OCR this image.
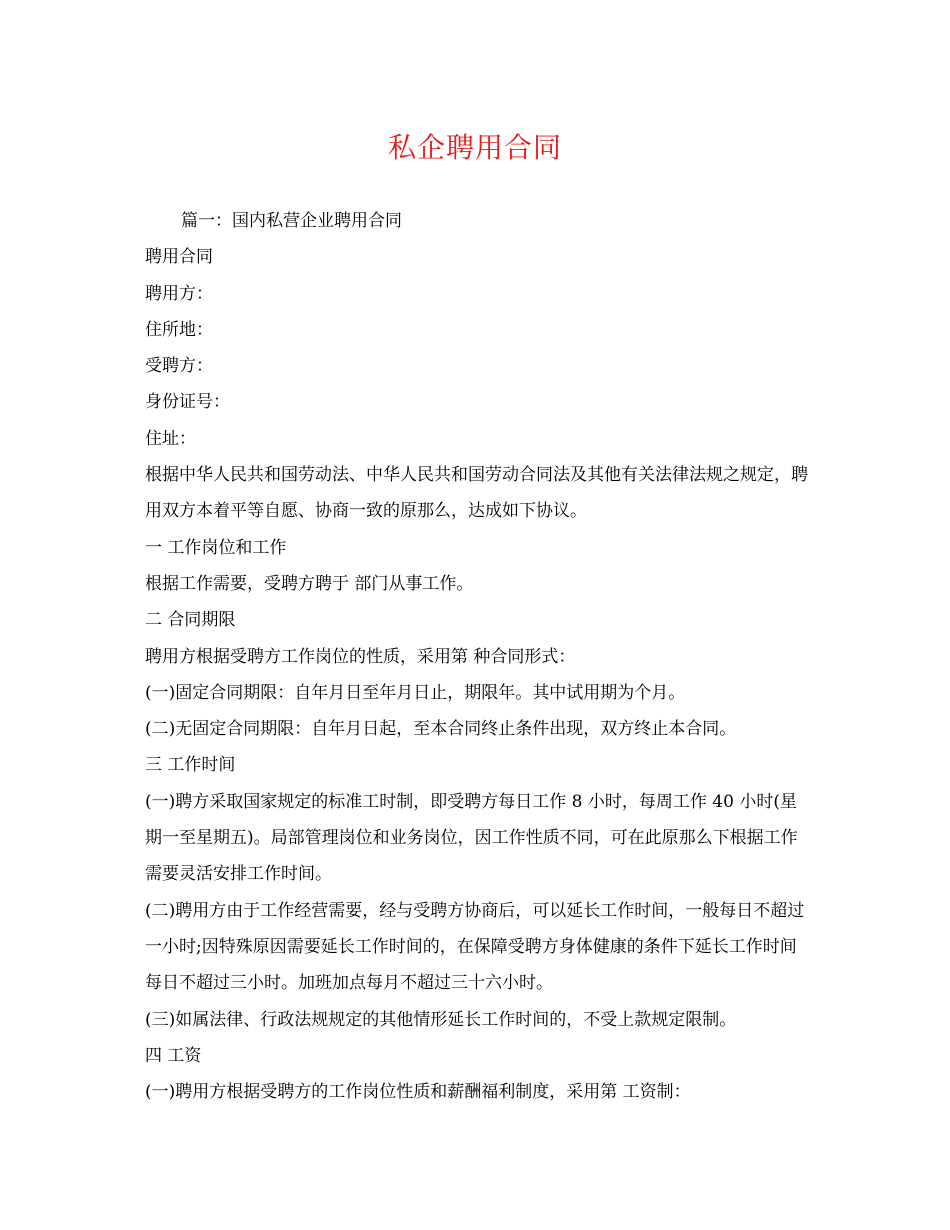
私企聘用合同

篇一：国内私营企业聘用合同

聘用合同

聘用方：

住所地：

受聘方：

身份证号：

住址：

根据中华人民共和国劳动法、中华人民共和国劳动合同法及其他有关法律法规之规定，聘用双方本着平等自愿、协商一致的原那么，达成如下协议。

一 工作岗位和工作

根据工作需要，受聘方聘于 部门从事工作。

二 合同期限

聘用方根据受聘方工作岗位的性质，采用第 种合同形式：

(一)固定合同期限：自年月日至年月日止，期限年。其中试用期为个月。

(二)无固定合同期限：自年月日起，至本合同终止条件出现，双方终止本合同。

三 工作时间

(一)聘方采取国家规定的标准工时制，即受聘方每日工作 8 小时，每周工作 40 小时(星期一至星期五)。局部管理岗位和业务岗位，因工作性质不同，可在此原那么下根据工作需要灵活安排工作时间。

(二)聘用方由于工作经营需要，经与受聘方协商后，可以延长工作时间，一般每日不超过一小时;因特殊原因需要延长工作时间的，在保障受聘方身体健康的条件下延长工作时间每日不超过三小时。加班加点每月不超过三十六小时。

(三)如属法律、行政法规规定的其他情形延长工作时间的，不受上款规定限制。

四 工资

(一)聘用方根据受聘方的工作岗位性质和薪酬福利制度，采用第 工资制：
